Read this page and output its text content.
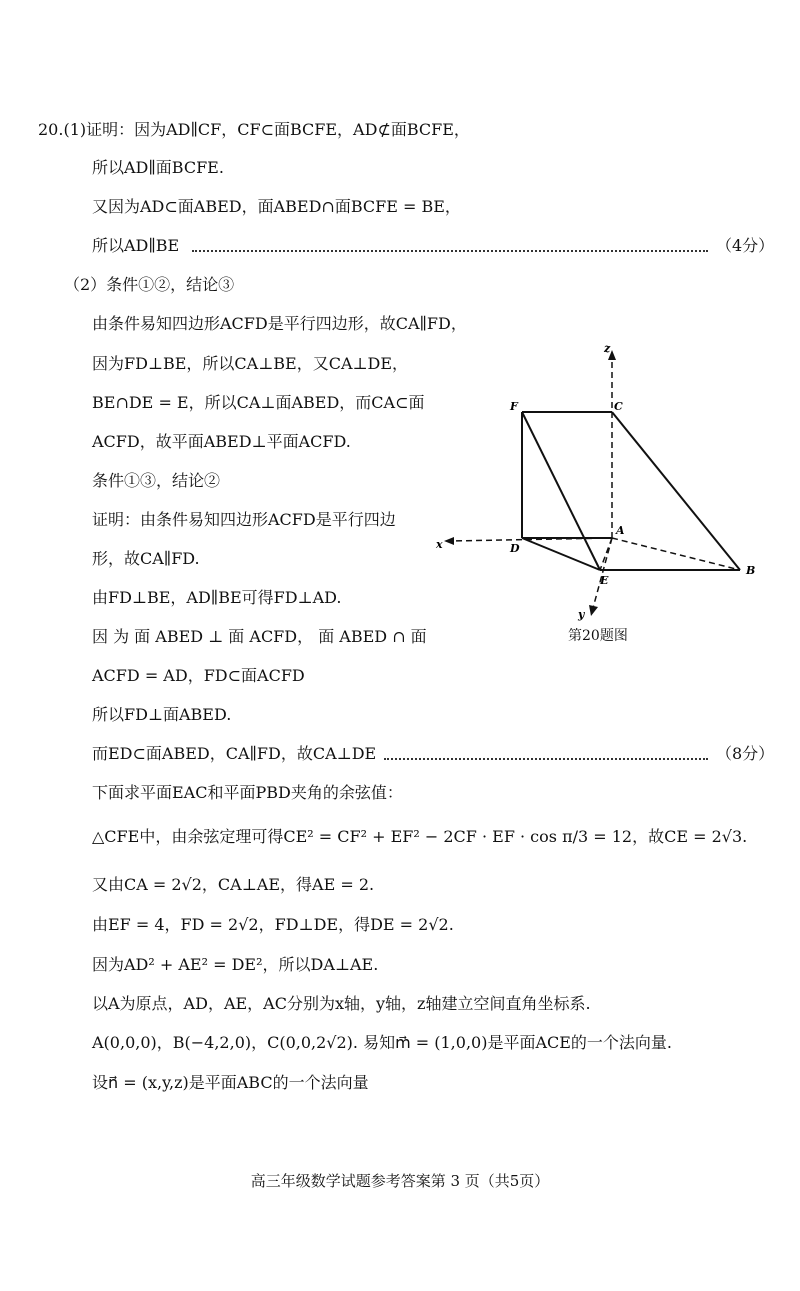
20.(1)证明：因为AD∥CF，CF⊂面BCFE，AD⊄面BCFE，
所以AD∥面BCFE.
又因为AD⊂面ABED，面ABED∩面BCFE = BE，
所以AD∥BE	（4分）
（2）条件①②，结论③
由条件易知四边形ACFD是平行四边形，故CA∥FD，
因为FD⊥BE，所以CA⊥BE，又CA⊥DE，
BE∩DE = E，所以CA⊥面ABED，而CA⊂面
ACFD，故平面ABED⊥平面ACFD.
条件①③，结论②
证明：由条件易知四边形ACFD是平行四边
形，故CA∥FD.
由FD⊥BE，AD∥BE可得FD⊥AD.
因 为 面 ABED ⊥ 面 ACFD， 面 ABED ∩ 面
ACFD = AD，FD⊂面ACFD
所以FD⊥面ABED.
而ED⊂面ABED，CA∥FD，故CA⊥DE	（8分）
下面求平面EAC和平面PBD夹角的余弦值：
△CFE中，由余弦定理可得CE² = CF² + EF² − 2CF · EF · cos π/3 = 12，故CE = 2√3.
又由CA = 2√2，CA⊥AE，得AE = 2.
由EF = 4，FD = 2√2，FD⊥DE，得DE = 2√2.
因为AD² + AE² = DE²，所以DA⊥AE.
以A为原点，AD，AE，AC分别为x轴，y轴，z轴建立空间直角坐标系.
A(0,0,0)，B(−4,2,0)，C(0,0,2√2). 易知m⃗ = (1,0,0)是平面ACE的一个法向量.
设n⃗ = (x,y,z)是平面ABC的一个法向量
z
x
y
F	C
A
D
E
B
第20题图
高三年级数学试题参考答案第 3 页（共5页）
